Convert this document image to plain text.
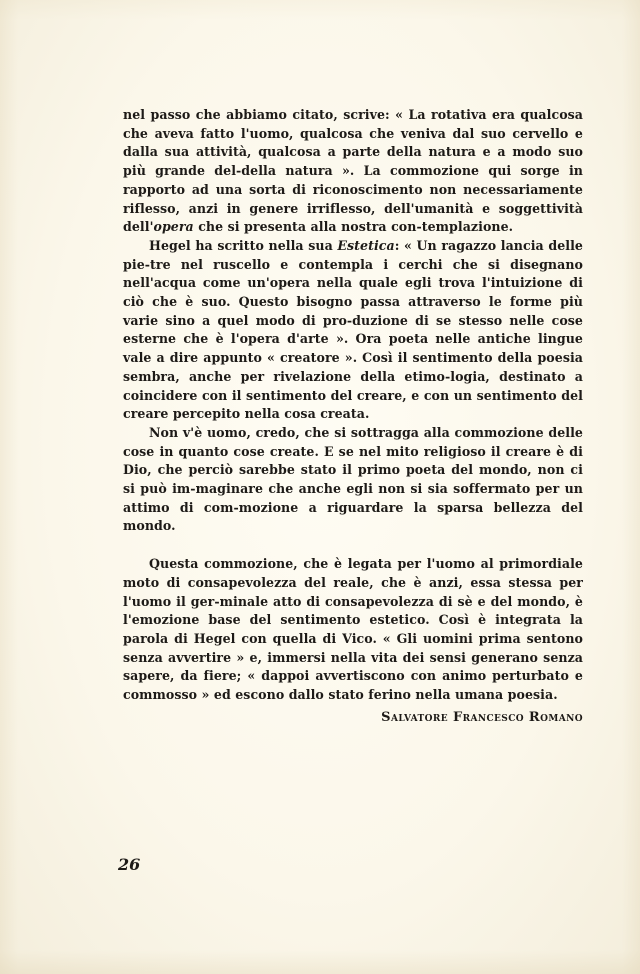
nel passo che abbiamo citato, scrive: « La rotativa era qualcosa che aveva fatto l'uomo, qualcosa che veniva dal suo cervello e dalla sua attività, qualcosa a parte della natura e a modo suo più grande del-della natura ». La commozione qui sorge in rapporto ad una sorta di riconoscimento non necessariamente riflesso, anzi in genere irriflesso, dell'umanità e soggettività dell'opera che si presenta alla nostra con-templazione.

Hegel ha scritto nella sua Estetica: « Un ragazzo lancia delle pie-tre nel ruscello e contempla i cerchi che si disegnano nell'acqua come un'opera nella quale egli trova l'intuizione di ciò che è suo. Questo bisogno passa attraverso le forme più varie sino a quel modo di pro-duzione di se stesso nelle cose esterne che è l'opera d'arte ». Ora poeta nelle antiche lingue vale a dire appunto « creatore ». Così il sentimento della poesia sembra, anche per rivelazione della etimo-logia, destinato a coincidere con il sentimento del creare, e con un sentimento del creare percepito nella cosa creata.

Non v'è uomo, credo, che si sottragga alla commozione delle cose in quanto cose create. E se nel mito religioso il creare è di Dio, che perciò sarebbe stato il primo poeta del mondo, non ci si può im-maginare che anche egli non si sia soffermato per un attimo di com-mozione a riguardare la sparsa bellezza del mondo.

Questa commozione, che è legata per l'uomo al primordiale moto di consapevolezza del reale, che è anzi, essa stessa per l'uomo il ger-minale atto di consapevolezza di sè e del mondo, è l'emozione base del sentimento estetico. Così è integrata la parola di Hegel con quella di Vico. « Gli uomini prima sentono senza avvertire » e, immersi nella vita dei sensi generano senza sapere, da fiere; « dappoi avvertiscono con animo perturbato e commosso » ed escono dallo stato ferino nella umana poesia.

Salvatore Francesco Romano
26
